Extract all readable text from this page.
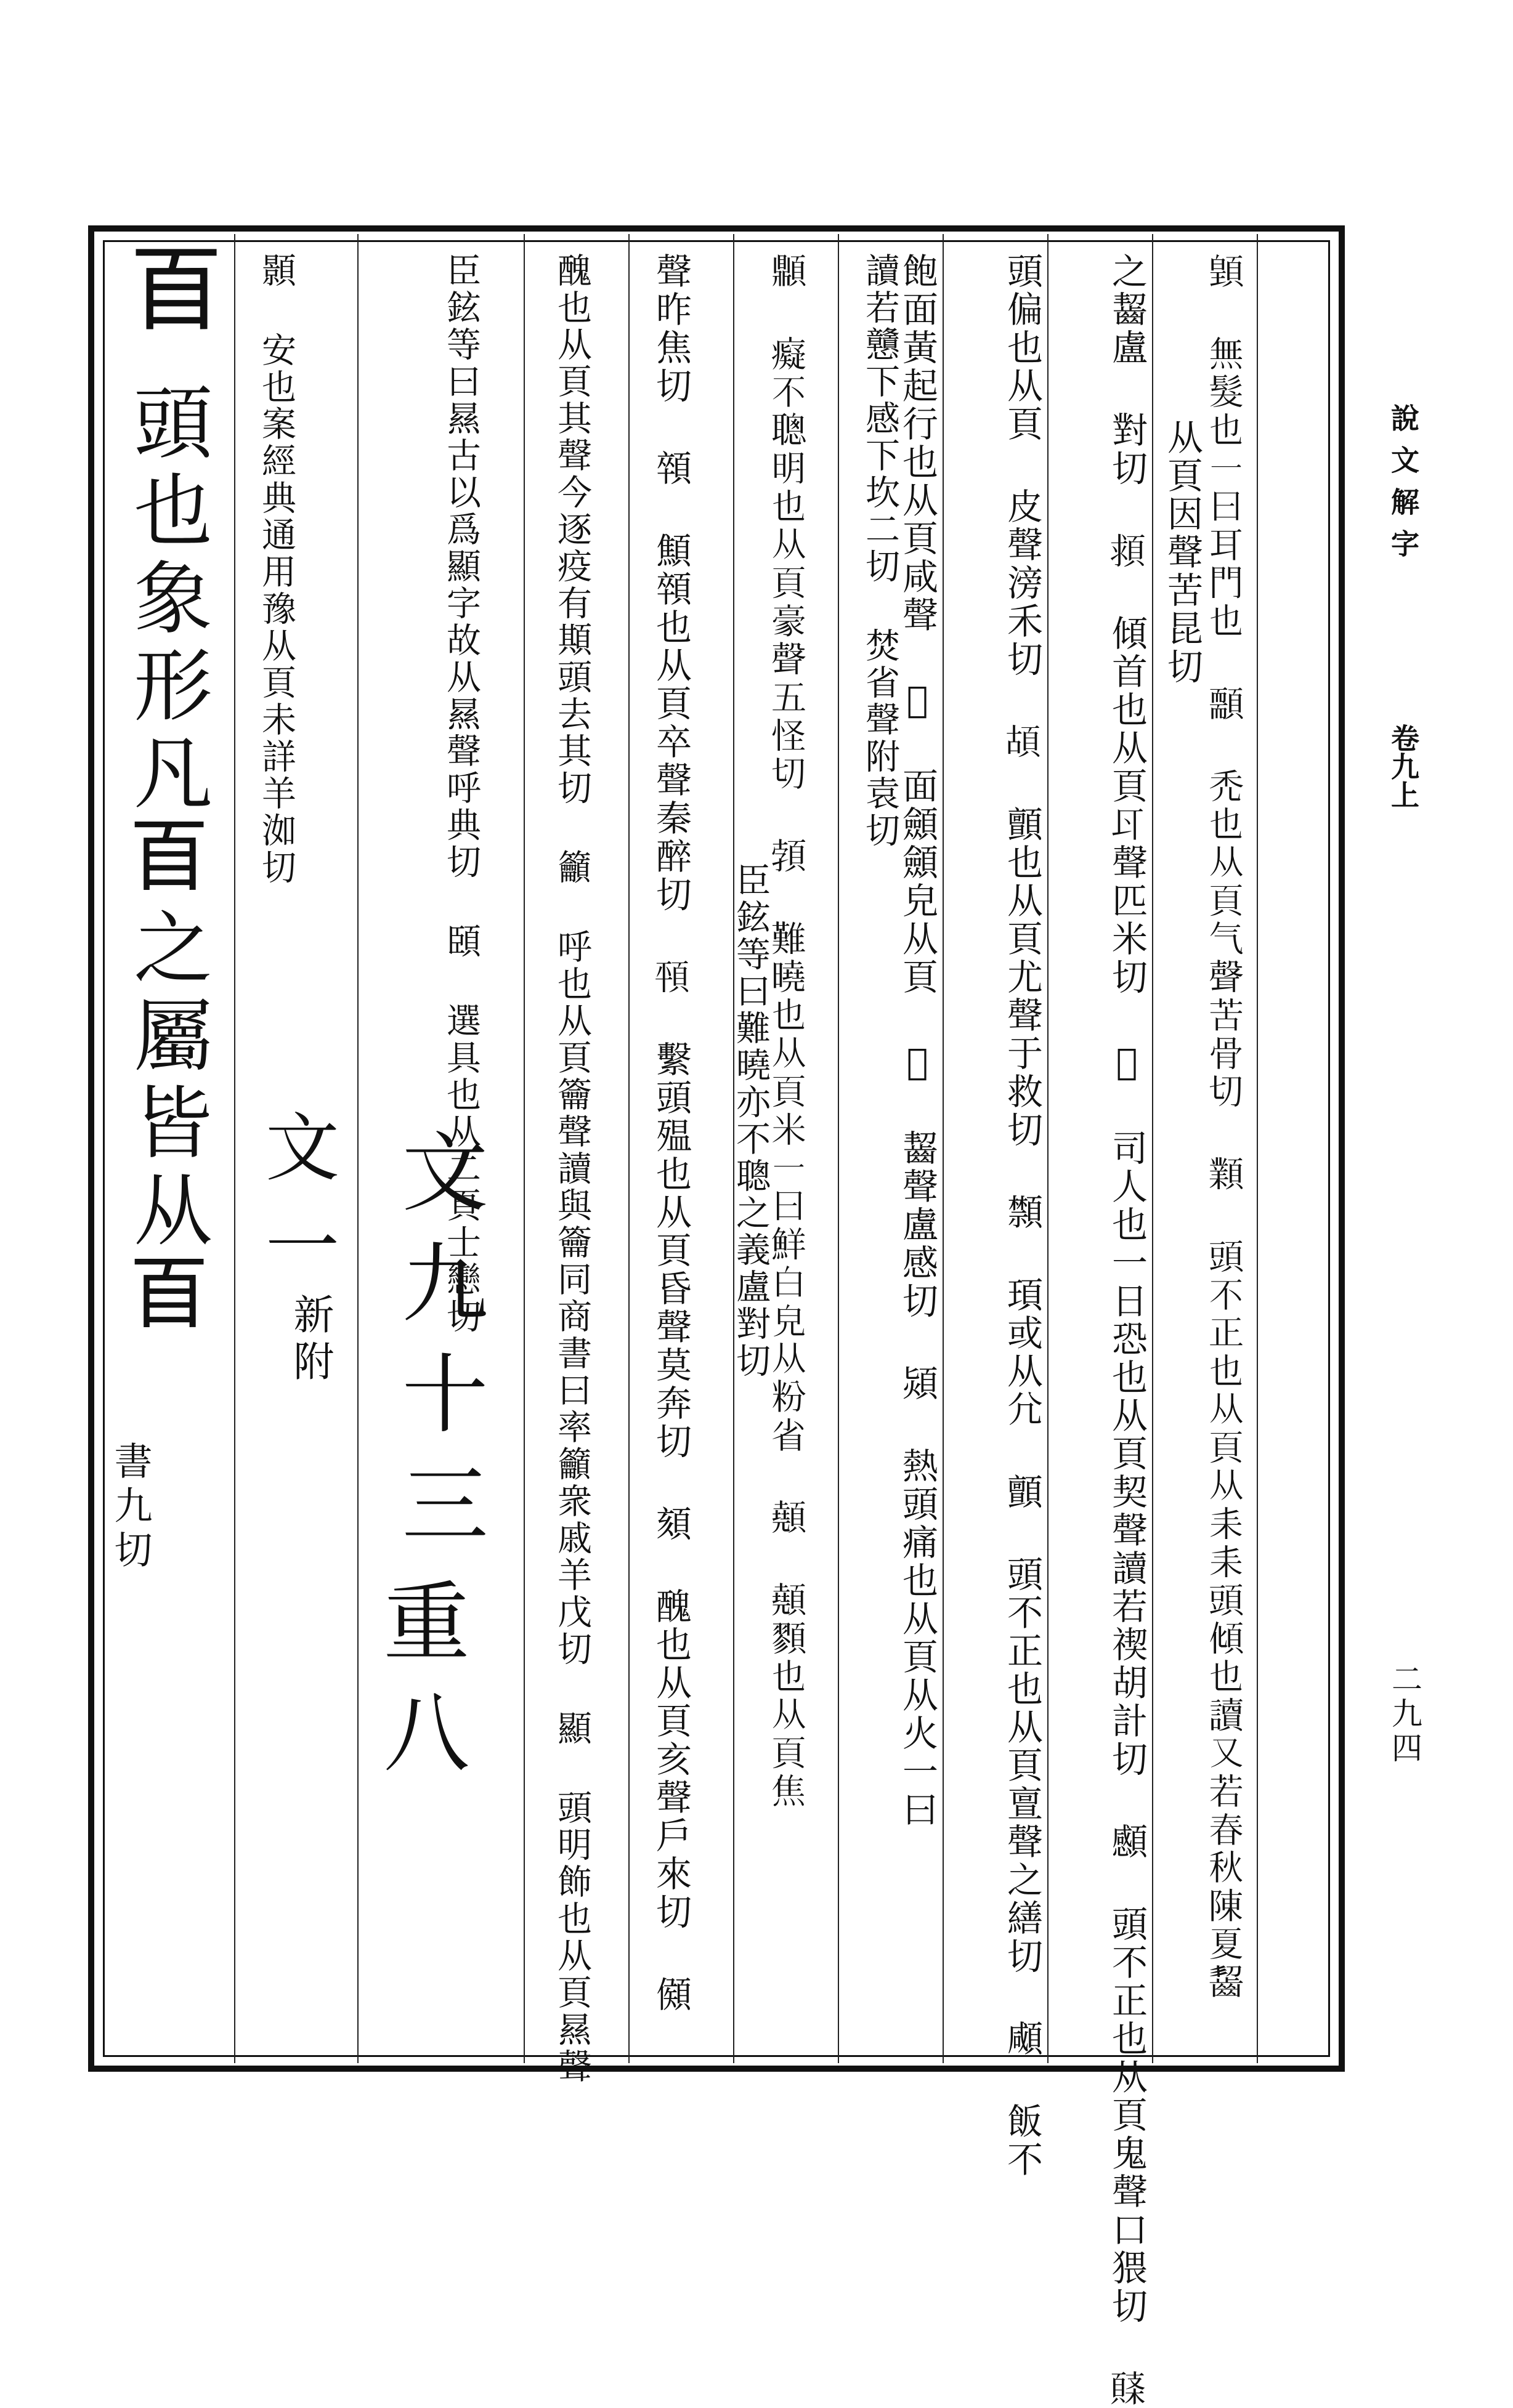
說文解字
卷九上
二九四
𩔇 無髮也一曰耳門也 䫱 禿也从頁气聲苦骨切 𩕟 頭不正也从頁从耒耒頭傾也讀又若春秋陳夏齧
从頁因聲苦昆切
之齧盧 對切 𩒮 傾首也从頁𠁾聲匹米切 𩔪 司人也一日恐也从頁契聲讀若禊胡計切 䫲 頭不正也从頁鬼聲口猥切 𩓸
頭偏也从頁 皮聲滂禾切 𩑶 顫也从頁尤聲于救切 䫴 頊或从𡯂 顫 頭不正也从頁亶聲之繕切 顑 飯不
飽面黃起行也从頁咸聲 𩕝 面顩顩皃从頁 𩕾 齧聲盧感切 熲 熱頭痛也从頁从火一曰
讀若戇下感下坎二切 焚省聲附袁切
𩕢 癡不聰明也从頁豪聲五怪切 𩓐 難曉也从頁米一曰鮮白皃从粉省 顤 顤顟也从頁焦
臣鉉等曰難曉亦不聰之義盧對切
聲昨焦切 顇 顦顇也从頁卒聲秦醉切 𩑳 繫頭殟也从頁昏聲莫奔切 頦 醜也从頁亥聲戶來切 䫛
醜也从頁其聲今逐疫有䫏頭去其切 籲 呼也从頁籥聲讀與籥同商書曰率籲衆戚羊戊切 顯 頭明飾也从頁㬎聲
臣鉉等曰㬎古以爲顯字故从㬎聲呼典切 頣 選具也从二頁士戀切
顥 安也案經典通用豫从頁未詳羊洳切
文九十三
重八
文一
新附
𦣻
頭也象形凡𦣻之屬皆从𦣻
書九切
